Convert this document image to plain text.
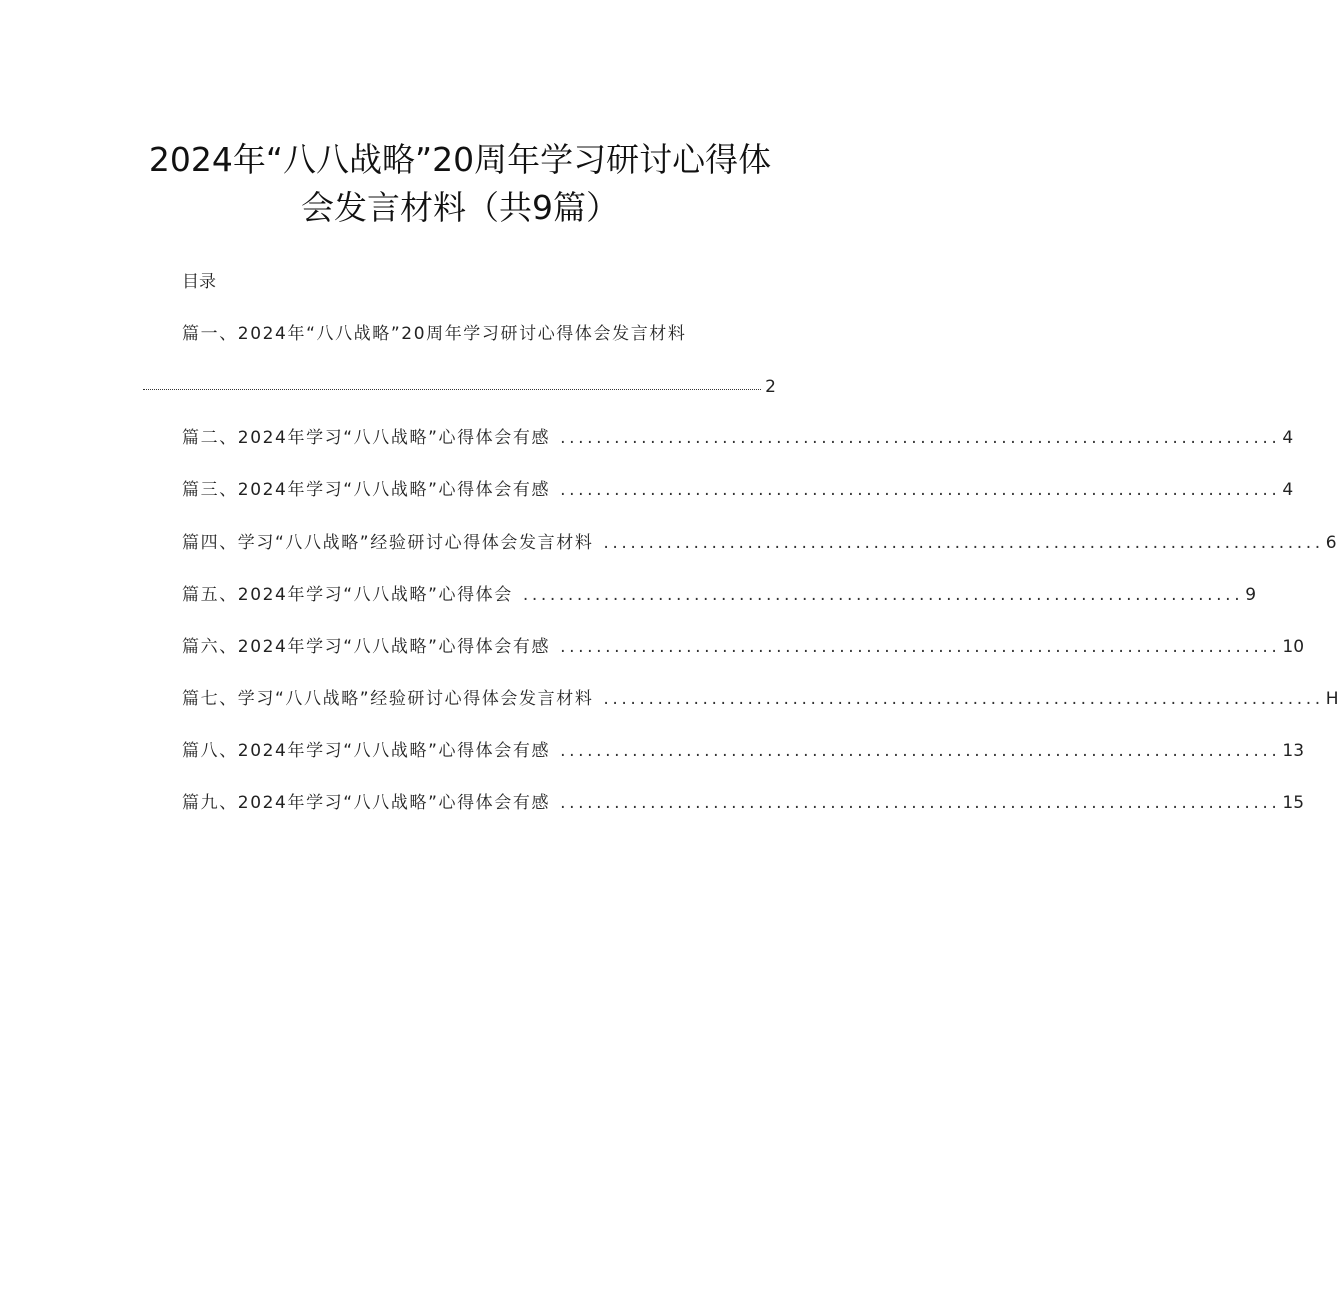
2024年“八八战略”20周年学习研讨心得体
会发言材料（共9篇）
目录
篇一、2024年“八八战略”20周年学习研讨心得体会发言材料
2
篇二、2024年学习“八八战略”心得体会有感 ................................................................................ 4
篇三、2024年学习“八八战略”心得体会有感 ................................................................................ 4
篇四、学习“八八战略”经验研讨心得体会发言材料 ................................................................................ 6
篇五、2024年学习“八八战略”心得体会 ................................................................................ 9
篇六、2024年学习“八八战略”心得体会有感 ................................................................................ 10
篇七、学习“八八战略”经验研讨心得体会发言材料 ................................................................................ H
篇八、2024年学习“八八战略”心得体会有感 ................................................................................ 13
篇九、2024年学习“八八战略”心得体会有感 ................................................................................ 15
